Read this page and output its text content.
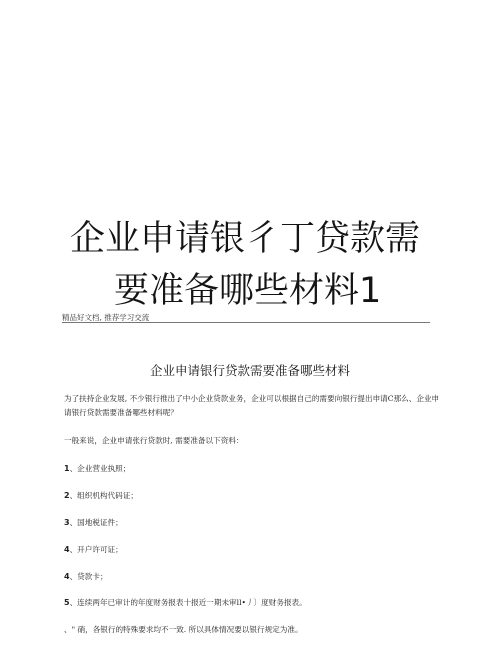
企业申请银彳丁贷款需
要准备哪些材料1
精品好文档, 推荐学习交流
企业申请银行贷款需要准备哪些材料
为了扶持企业发展, 不少银行推出了中小企业贷款业务，企业可以根据自己的需要向银行提出申请C那么、企业申请银行贷款需要准备哪些材料呢？
一般来说，企业申请张行贷款时, 需要准备以下资料：
1、企业营业执照；
2、组织机构代码证；
3、国地税证件；
4、开户许可证；
4、贷款卡；
5、连续两年已审计的年度财务报表十报近一期未审ll•丿〕度财务报表。
、" 硝，各银行的特殊要求均不一致. 所以具体情况要以银行规定为准。
